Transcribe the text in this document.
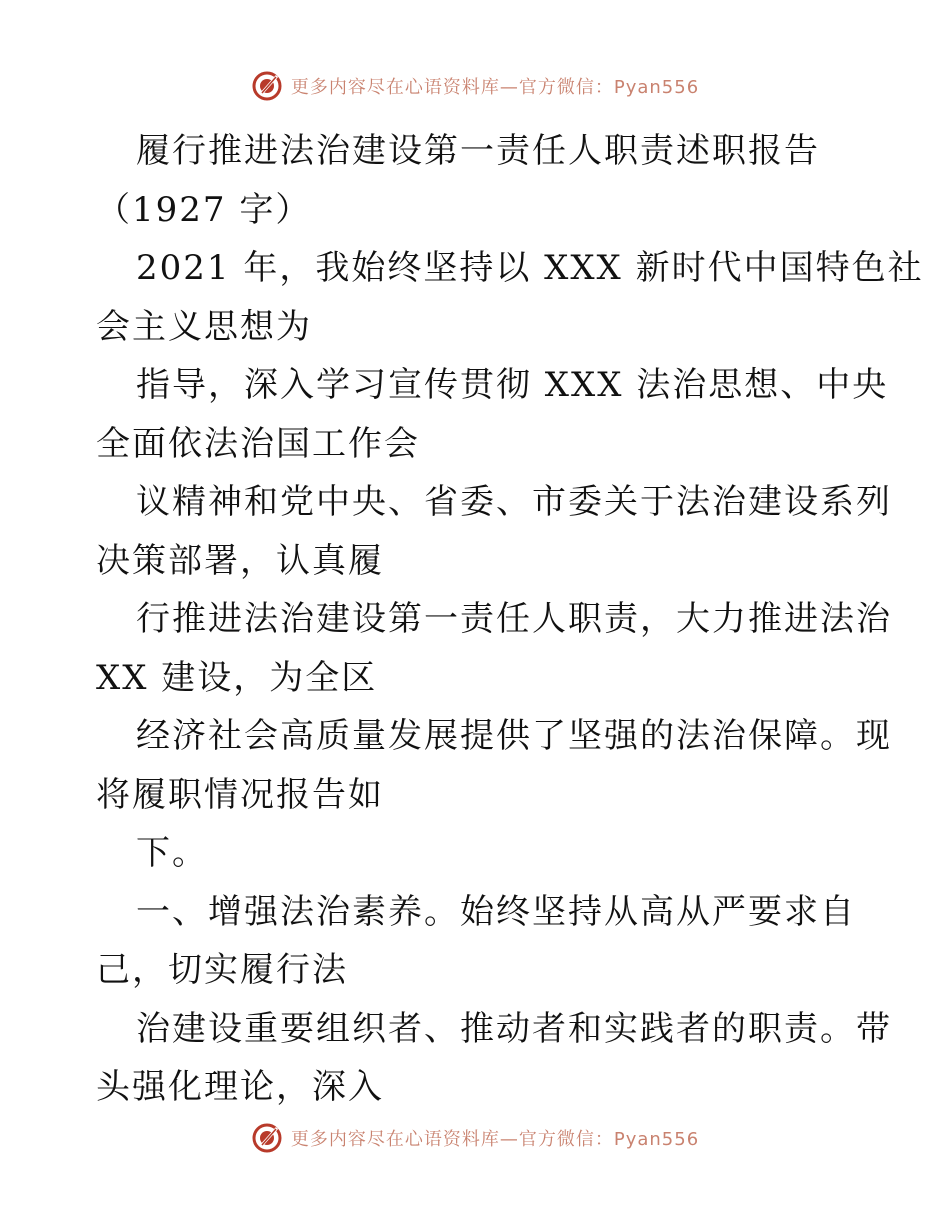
更多内容尽在心语资料库—官方微信：Pyan556

履行推进法治建设第一责任人职责述职报告

（1927 字）

2021 年，我始终坚持以 XXX 新时代中国特色社

会主义思想为

指导，深入学习宣传贯彻 XXX 法治思想、中央

全面依法治国工作会

议精神和党中央、省委、市委关于法治建设系列

决策部署，认真履

行推进法治建设第一责任人职责，大力推进法治

XX 建设，为全区

经济社会高质量发展提供了坚强的法治保障。现

将履职情况报告如

下。

一、增强法治素养。始终坚持从高从严要求自

己，切实履行法

治建设重要组织者、推动者和实践者的职责。带

头强化理论，深入

更多内容尽在心语资料库—官方微信：Pyan556
